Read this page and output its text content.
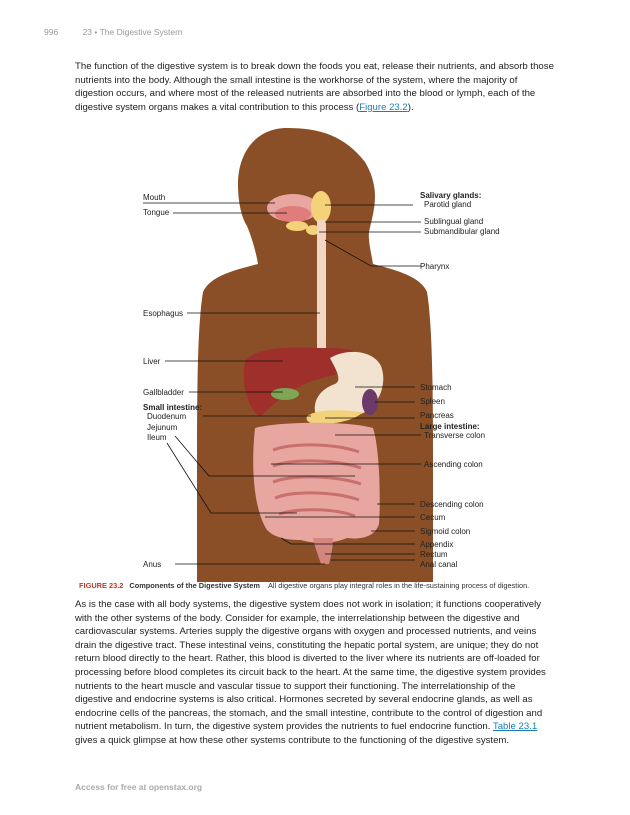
996	23 • The Digestive System

The function of the digestive system is to break down the foods you eat, release their nutrients, and absorb those nutrients into the body. Although the small intestine is the workhorse of the system, where the majority of digestion occurs, and where most of the released nutrients are absorbed into the blood or lymph, each of the digestive system organs makes a vital contribution to this process (Figure 23.2).

Mouth
Tongue
Esophagus
Liver
Gallbladder
Small intestine:
Duodenum
Jejunum
Ileum
Anus
Salivary glands:
Parotid gland
Sublingual gland
Submandibular gland
Pharynx
Stomach
Spleen
Pancreas
Large intestine:
Transverse colon
Ascending colon
Descending colon
Cecum
Sigmoid colon
Appendix
Rectum
Anal canal
FIGURE 23.2 Components of the Digestive System All digestive organs play integral roles in the life-sustaining process of digestion.

As is the case with all body systems, the digestive system does not work in isolation; it functions cooperatively with the other systems of the body. Consider for example, the interrelationship between the digestive and cardiovascular systems. Arteries supply the digestive organs with oxygen and processed nutrients, and veins drain the digestive tract. These intestinal veins, constituting the hepatic portal system, are unique; they do not return blood directly to the heart. Rather, this blood is diverted to the liver where its nutrients are off-loaded for processing before blood completes its circuit back to the heart. At the same time, the digestive system provides nutrients to the heart muscle and vascular tissue to support their functioning. The interrelationship of the digestive and endocrine systems is also critical. Hormones secreted by several endocrine glands, as well as endocrine cells of the pancreas, the stomach, and the small intestine, contribute to the control of digestion and nutrient metabolism. In turn, the digestive system provides the nutrients to fuel endocrine function. Table 23.1 gives a quick glimpse at how these other systems contribute to the functioning of the digestive system.

Access for free at openstax.org
